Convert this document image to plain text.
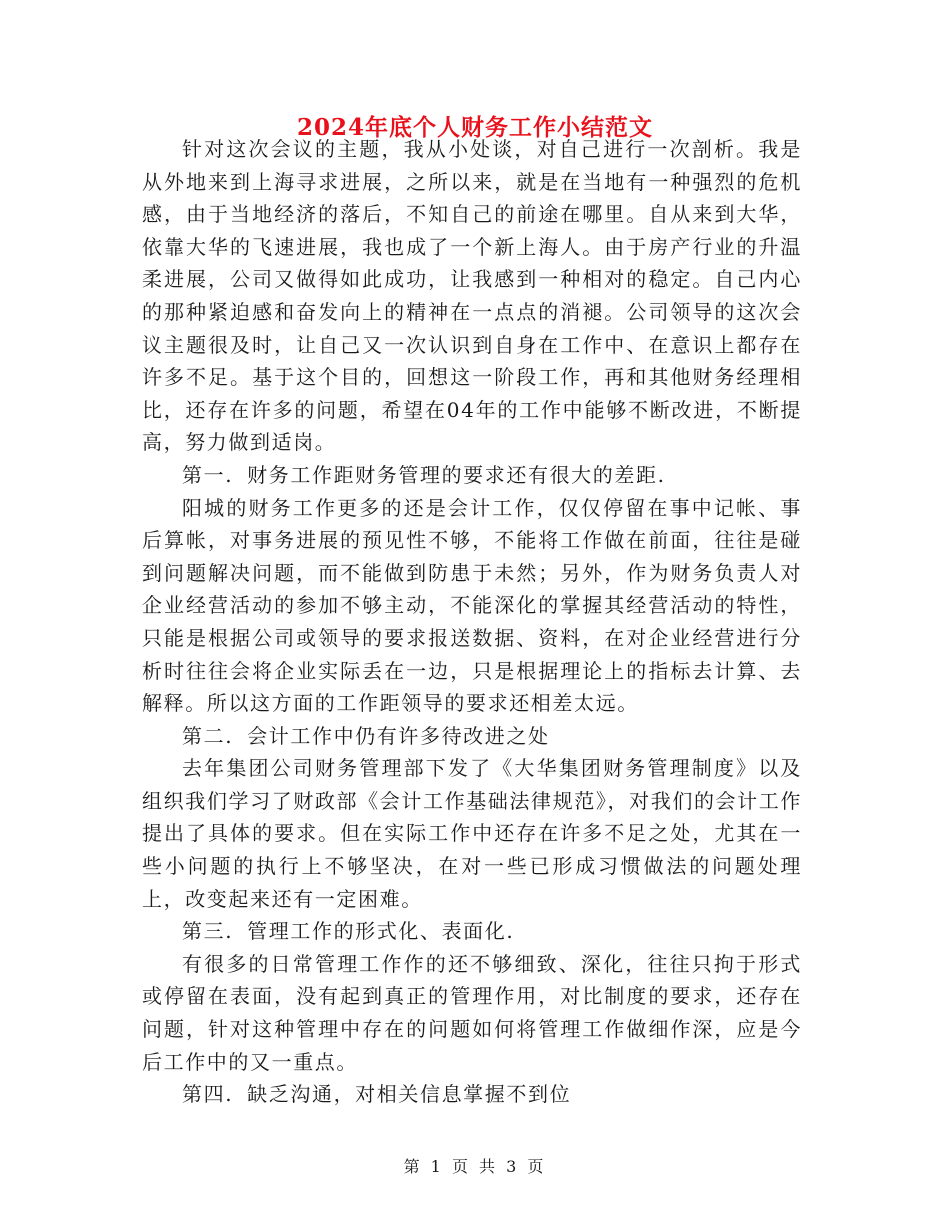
2024年底个人财务工作小结范文

针对这次会议的主题，我从小处谈，对自己进行一次剖析。我是从外地来到上海寻求进展，之所以来，就是在当地有一种强烈的危机感，由于当地经济的落后，不知自己的前途在哪里。自从来到大华，依靠大华的飞速进展，我也成了一个新上海人。由于房产行业的升温柔进展，公司又做得如此成功，让我感到一种相对的稳定。自己内心的那种紧迫感和奋发向上的精神在一点点的消褪。公司领导的这次会议主题很及时，让自己又一次认识到自身在工作中、在意识上都存在许多不足。基于这个目的，回想这一阶段工作，再和其他财务经理相比，还存在许多的问题，希望在04年的工作中能够不断改进，不断提高，努力做到适岗。

第一. 财务工作距财务管理的要求还有很大的差距.

阳城的财务工作更多的还是会计工作，仅仅停留在事中记帐、事后算帐，对事务进展的预见性不够，不能将工作做在前面，往往是碰到问题解决问题，而不能做到防患于未然；另外，作为财务负责人对企业经营活动的参加不够主动，不能深化的掌握其经营活动的特性，只能是根据公司或领导的要求报送数据、资料，在对企业经营进行分析时往往会将企业实际丢在一边，只是根据理论上的指标去计算、去解释。所以这方面的工作距领导的要求还相差太远。

第二. 会计工作中仍有许多待改进之处

去年集团公司财务管理部下发了《大华集团财务管理制度》以及组织我们学习了财政部《会计工作基础法律规范》，对我们的会计工作提出了具体的要求。但在实际工作中还存在许多不足之处，尤其在一些小问题的执行上不够坚决，在对一些已形成习惯做法的问题处理上，改变起来还有一定困难。

第三. 管理工作的形式化、表面化.

有很多的日常管理工作作的还不够细致、深化，往往只拘于形式或停留在表面，没有起到真正的管理作用，对比制度的要求，还存在问题，针对这种管理中存在的问题如何将管理工作做细作深，应是今后工作中的又一重点。

第四. 缺乏沟通，对相关信息掌握不到位

第 1 页 共 3 页
